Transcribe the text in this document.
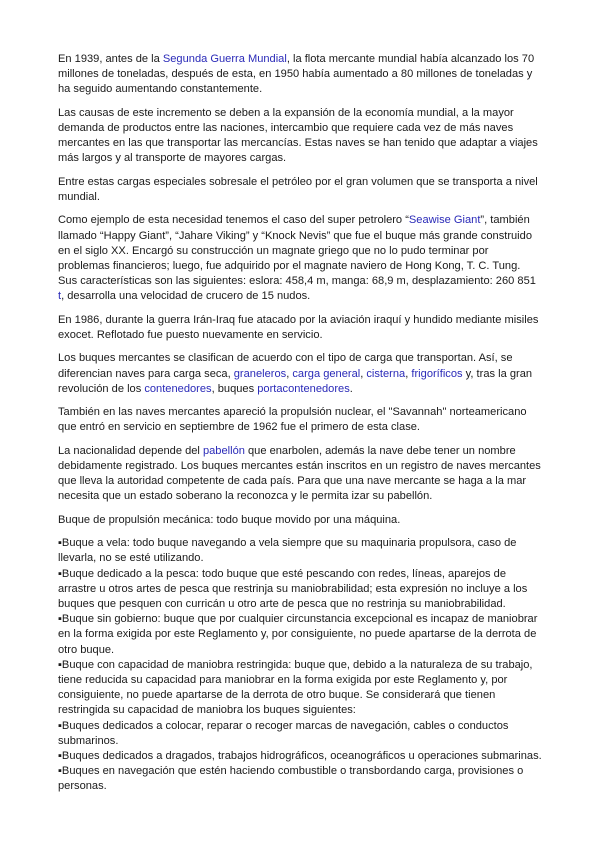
En 1939, antes de la Segunda Guerra Mundial, la flota mercante mundial había alcanzado los 70 millones de toneladas, después de esta, en 1950 había aumentado a 80 millones de toneladas y ha seguido aumentando constantemente.

Las causas de este incremento se deben a la expansión de la economía mundial, a la mayor demanda de productos entre las naciones, intercambio que requiere cada vez de más naves mercantes en las que transportar las mercancías. Estas naves se han tenido que adaptar a viajes más largos y al transporte de mayores cargas.

Entre estas cargas especiales sobresale el petróleo por el gran volumen que se transporta a nivel mundial.

Como ejemplo de esta necesidad tenemos el caso del super petrolero “Seawise Giant”, también llamado “Happy Giant”, “Jahare Viking” y “Knock Nevis” que fue el buque más grande construido en el siglo XX. Encargó su construcción un magnate griego que no lo pudo terminar por problemas financieros; luego, fue adquirido por el magnate naviero de Hong Kong, T. C. Tung. Sus características son las siguientes: eslora: 458,4 m, manga: 68,9 m, desplazamiento: 260 851 t, desarrolla una velocidad de crucero de 15 nudos.

En 1986, durante la guerra Irán-Iraq fue atacado por la aviación iraquí y hundido mediante misiles exocet. Reflotado fue puesto nuevamente en servicio.

Los buques mercantes se clasifican de acuerdo con el tipo de carga que transportan. Así, se diferencian naves para carga seca, graneleros, carga general, cisterna, frigoríficos y, tras la gran revolución de los contenedores, buques portacontenedores.

También en las naves mercantes apareció la propulsión nuclear, el "Savannah" norteamericano que entró en servicio en septiembre de 1962 fue el primero de esta clase.

La nacionalidad depende del pabellón que enarbolen, además la nave debe tener un nombre debidamente registrado. Los buques mercantes están inscritos en un registro de naves mercantes que lleva la autoridad competente de cada país. Para que una nave mercante se haga a la mar necesita que un estado soberano la reconozca y le permita izar su pabellón.

Buque de propulsión mecánica: todo buque movido por una máquina.

▪Buque a vela: todo buque navegando a vela siempre que su maquinaria propulsora, caso de llevarla, no se esté utilizando.

▪Buque dedicado a la pesca: todo buque que esté pescando con redes, líneas, aparejos de arrastre u otros artes de pesca que restrinja su maniobrabilidad; esta expresión no incluye a los buques que pesquen con curricán u otro arte de pesca que no restrinja su maniobrabilidad.

▪Buque sin gobierno: buque que por cualquier circunstancia excepcional es incapaz de maniobrar en la forma exigida por este Reglamento y, por consiguiente, no puede apartarse de la derrota de otro buque.

▪Buque con capacidad de maniobra restringida: buque que, debido a la naturaleza de su trabajo, tiene reducida su capacidad para maniobrar en la forma exigida por este Reglamento y, por consiguiente, no puede apartarse de la derrota de otro buque. Se considerará que tienen restringida su capacidad de maniobra los buques siguientes:

▪Buques dedicados a colocar, reparar o recoger marcas de navegación, cables o conductos submarinos.

▪Buques dedicados a dragados, trabajos hidrográficos, oceanográficos u operaciones submarinas.

▪Buques en navegación que estén haciendo combustible o transbordando carga, provisiones o personas.
